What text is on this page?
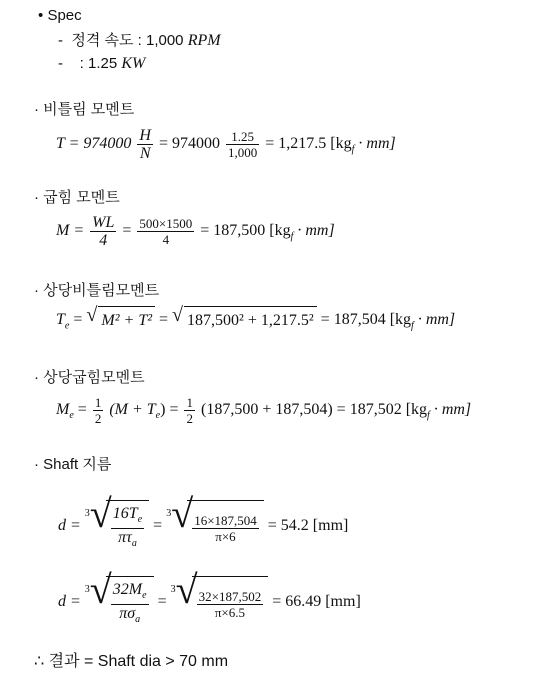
• Spec
- 정격 속도 : 1,000 RPM
- : 1.25 KW
· 비틀림 모멘트
$T = 974000 \frac{H}{N} = 974000 \frac{1.25}{1,000} = 1,217.5$ $[kg_f \cdot mm]$
· 굽힘 모멘트
$M = \frac{WL}{4} = \frac{500\times 1500}{4} = 187,500$ $[kg_f \cdot mm]$
· 상당비틀림모멘트
$T_e$ = √ M² + T² = √ 187,500² + 1,217.5² = 187,504 $[kg_f \cdot mm]$
· 상당굽힘모멘트
$M_e = \frac{1}{2} (M + T_e) = \frac{1}{2} (187,500 + 187,504) = 187,502$ $[kg_f \cdot mm]$
· Shaft 지름
d = $^3$ √ $\frac{16T_e}{\pi\tau_a} = ^3$ √ $\frac{16\times 187,504}{\pi\times 6} = 54.2$ [mm]
d = $^3$ √ $\frac{32M_e}{\pi\sigma_a} = ^3$ √ $\frac{32\times 187,502}{\pi\times 6.5} = 66.49$ [mm]
∴ 결과 = Shaft dia > 70 mm
